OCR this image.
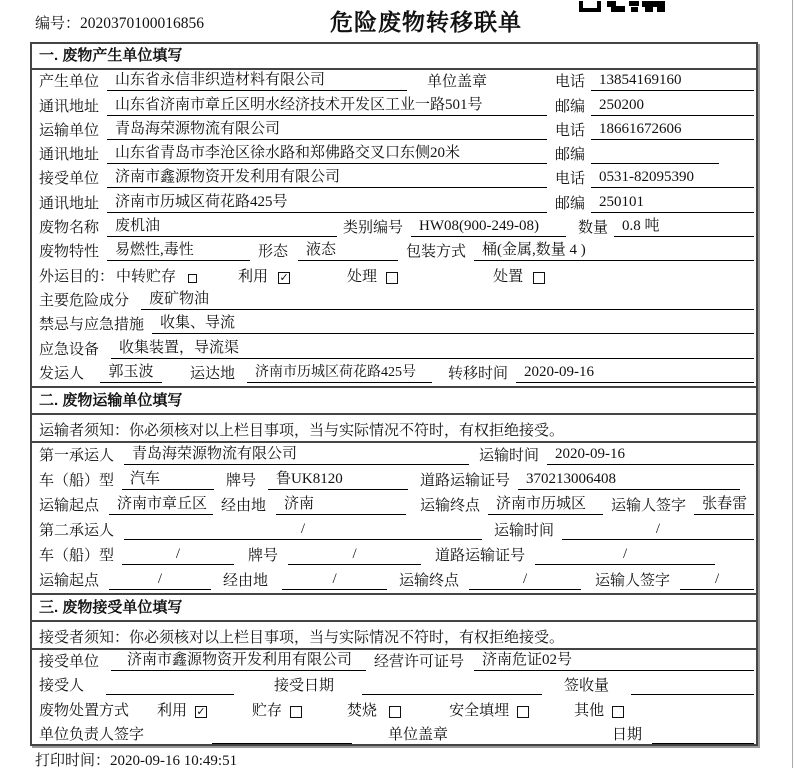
编号：2020370100016856	危险废物转移联单
一. 废物产生单位填写
产生单位	山东省永信非织造材料有限公司	单位盖章	电话 13854169160
通讯地址	山东省济南市章丘区明水经济技术开发区工业一路501号	邮编 250200
运输单位	青岛海荣源物流有限公司	电话 18661672606
通讯地址	山东省青岛市李沧区徐水路和郑佛路交叉口东侧20米	邮编
接受单位	济南市鑫源物资开发利用有限公司	电话 0531-82095390
通讯地址	济南市历城区荷花路425号	邮编 250101
废物名称	废机油	类别编号	HW08(900-249-08)	数量 0.8 吨
废物特性	易燃性,毒性	形态	液态	包装方式	桶(金属,数量 4 )
外运目的： 中转贮存	利用 ✓	处理	处置
主要危险成分	废矿物油
禁忌与应急措施	收集、导流
应急设备	收集装置，导流渠
发运人	郭玉波	运达地	济南市历城区荷花路425号	转移时间	2020-09-16
二. 废物运输单位填写
运输者须知：你必须核对以上栏目事项，当与实际情况不符时，有权拒绝接受。
第一承运人	青岛海荣源物流有限公司	运输时间	2020-09-16
车（船）型	汽车	牌号	鲁UK8120	道路运输证号	370213006408
运输起点	济南市章丘区 经由地	济南	运输终点	济南市历城区	运输人签字	张春雷
第二承运人	/	运输时间	/
车（船）型	/	牌号	/	道路运输证号	/
运输起点	/	经由地	/	运输终点	/	运输人签字	/
三. 废物接受单位填写
接受者须知：你必须核对以上栏目事项，当与实际情况不符时，有权拒绝接受。
接受单位	济南市鑫源物资开发利用有限公司	经营许可证号	济南危证02号
接受人	接受日期	签收量
废物处置方式 利用 ✓	贮存	焚烧	安全填埋	其他
单位负责人签字	单位盖章	日期
打印时间：2020-09-16 10:49:51
